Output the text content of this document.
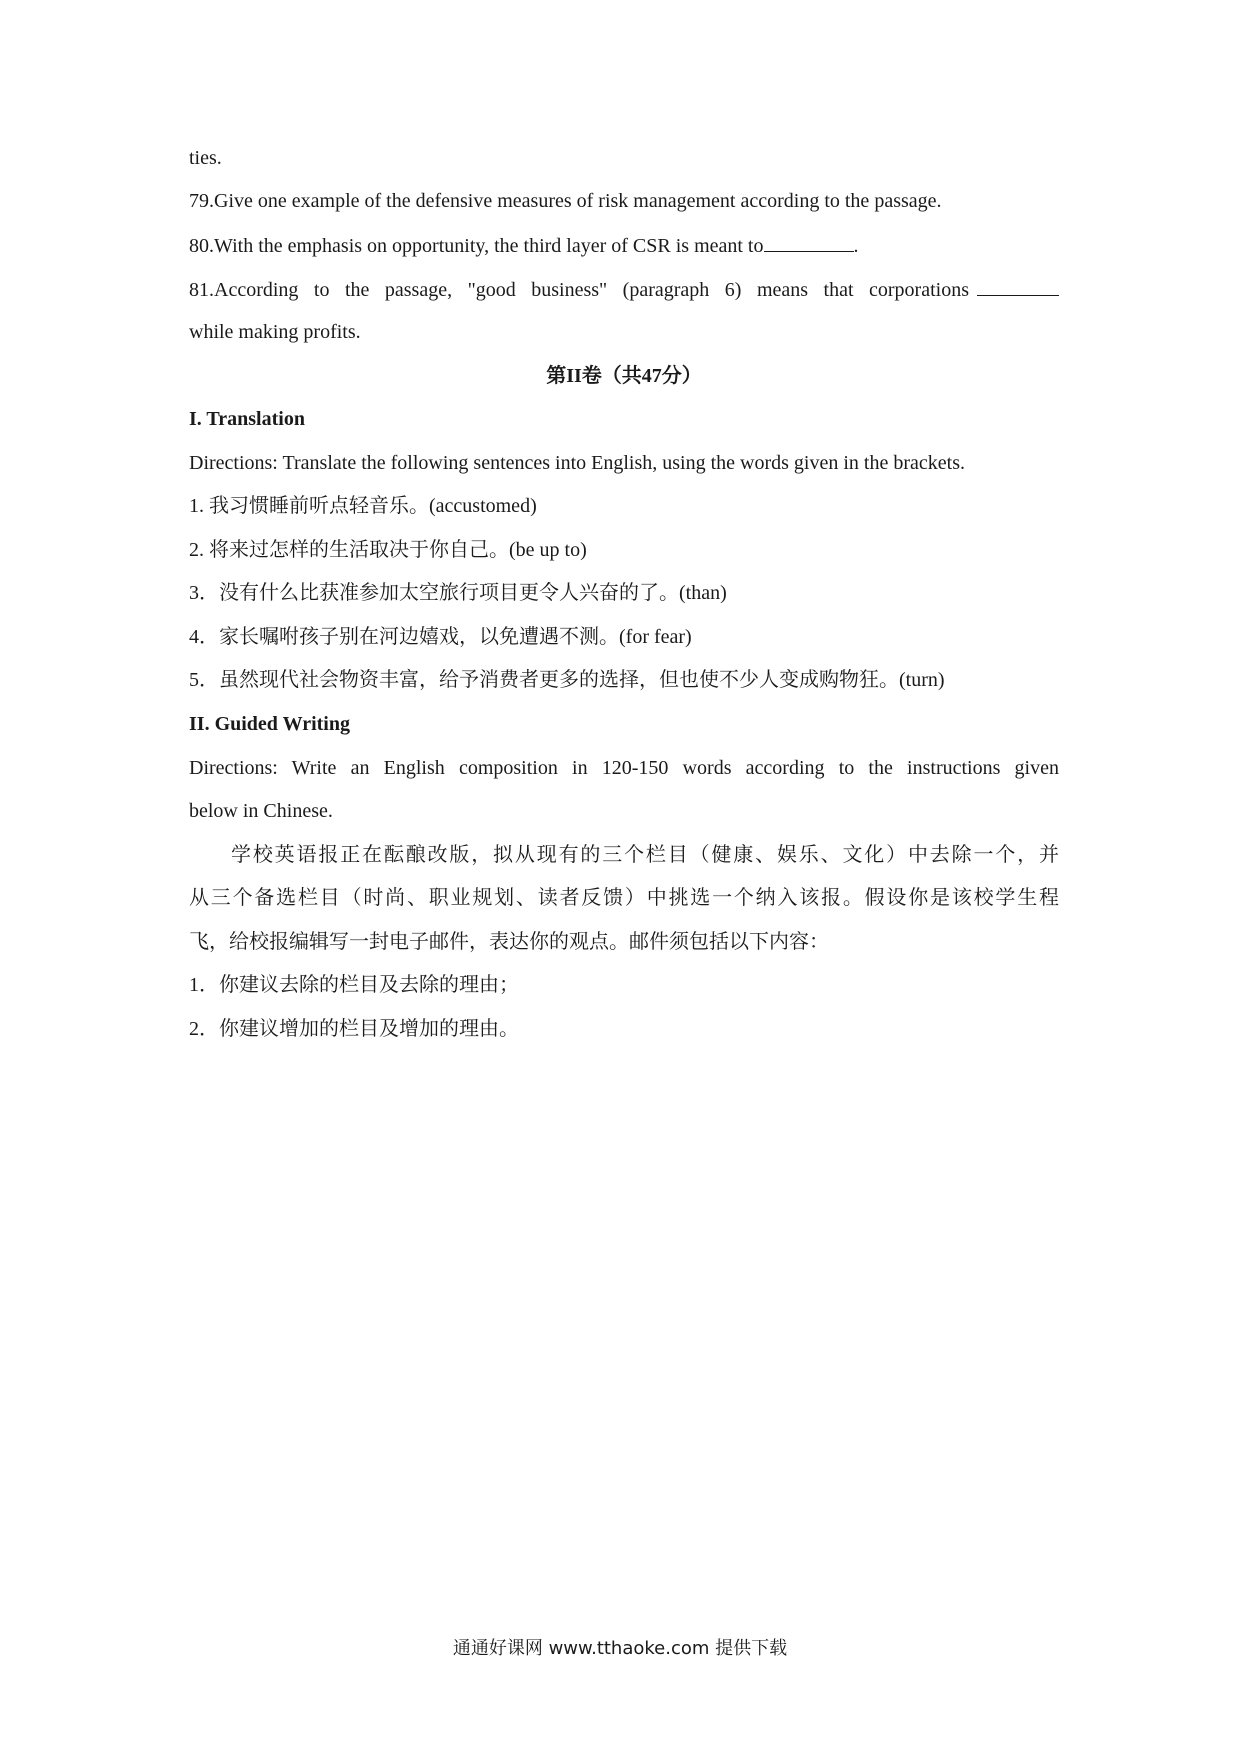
ties.
79.Give one example of the defensive measures of risk management according to the passage.
80.With the emphasis on opportunity, the third layer of CSR is meant to	.
81.According to the passage, "good business" (paragraph 6) means that corporations
while making profits.
第II卷（共47分）
I. Translation
Directions: Translate the following sentences into English, using the words given in the brackets.
1. 我习惯睡前听点轻音乐。(accustomed)
2. 将来过怎样的生活取决于你自己。(be up to)
3．没有什么比获准参加太空旅行项目更令人兴奋的了。(than)
4．家长嘱咐孩子别在河边嬉戏，以免遭遇不测。(for fear)
5．虽然现代社会物资丰富，给予消费者更多的选择，但也使不少人变成购物狂。(turn)
II. Guided Writing
Directions: Write an English composition in 120-150 words according to the instructions given
below in Chinese.
学校英语报正在酝酿改版，拟从现有的三个栏目（健康、娱乐、文化）中去除一个，并
从三个备选栏目（时尚、职业规划、读者反馈）中挑选一个纳入该报。假设你是该校学生程
飞，给校报编辑写一封电子邮件，表达你的观点。邮件须包括以下内容：
1．你建议去除的栏目及去除的理由；
2．你建议增加的栏目及增加的理由。
通通好课网 www.tthaoke.com 提供下载
